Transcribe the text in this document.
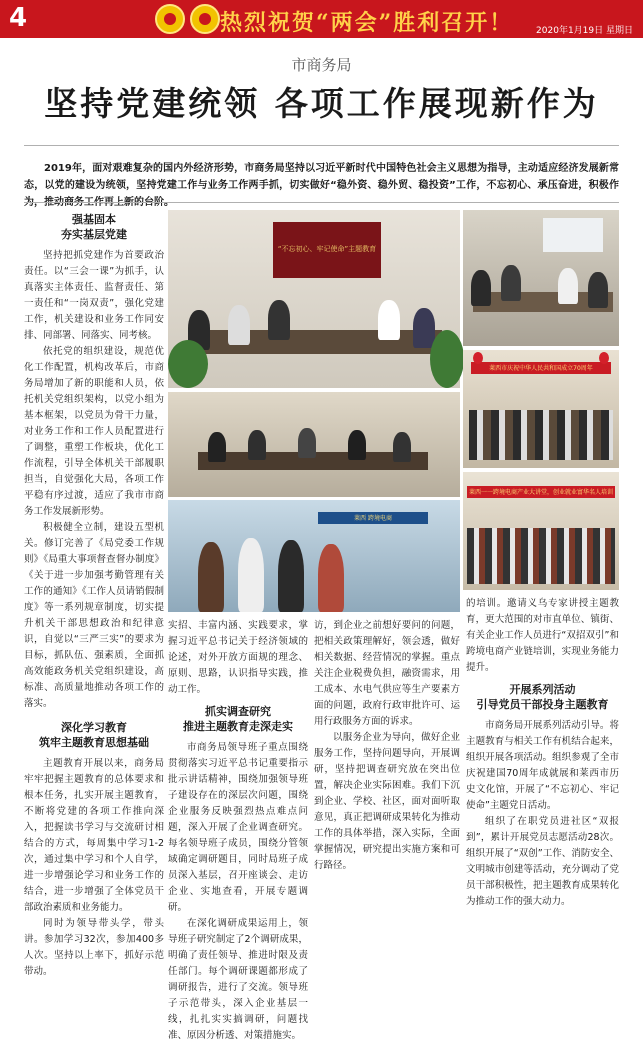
4	热烈祝贺“两会”胜利召开！	2020年1月19日 星期日
市商务局
坚持党建统领 各项工作展现新作为
2019年，面对艰难复杂的国内外经济形势，市商务局坚持以习近平新时代中国特色社会主义思想为指导，主动适应经济发展新常态，以党的建设为统领，坚持党建工作与业务工作两手抓，切实做好“稳外资、稳外贸、稳投资”工作，不忘初心、承压奋进，积极作
强基固本
夯实基层党建

坚持把抓党建作为首要政治责任。以“三会一课”为抓手，认真落实主体责任、监督责任、第一责任和“一岗双责”，强化党建工作，机关建设和业务工作同安排、同部署、同落实、同考核。

依托党的组织建设，规范优化工作配置，机构改革后，市商务局增加了新的职能和人员，依托机关党组织架构，以党小组为基本框架，以党员为骨干力量，对业务工作和工作人员配置进行了调整，重塑工作板块，优化工作流程，引导全体机关干部履职担当，自觉强化大局，各项工作平稳有序过渡，适应了我市市商务工作发展新形势。

积极健全立制，建设五型机关。修订完善了《局党委工作规则》《局重大事项督查督办制度》《关于进一步加强考勤管理有关工作的通知》《工作人员请销假制度》等一系列规章制度，切实提升机关干部思想政治和纪律意识，自觉以“三严三实”的要求为目标，抓队伍、强素质，全面抓高效能政务机关党组织建设，高标准、高质量地推动各项工作的落实。

深化学习教育
筑牢主题教育思想基础

主题教育开展以来，商务局牢牢把握主题教育的总体要求和根本任务，扎实开展主题教育，不断将党建的各项工作推向深入，把握读书学习与交流研讨相结合的方式，每周集中学习1-2次，通过集中学习和个人自学，进一步增强论学习和业务工作的结合，进一步增强了全体党员干部政治素质和业务能力。

同时为领导带头学，带头讲。参加学习32次，参加400多人次。坚持以上率下，抓好示范带动。

“不忘初心、牢记使命”主题教育
莱西 跨境电商
莱西市庆祝中华人民共和国成立70周年
莱西一一跨境电商产业大讲堂，创业就业富华名人培训

实招、丰富内涵、实践要求，掌握习近平总书记关于经济领域的论述，对外开放方面规的理念、原则、思路，认识指导实践，推动工作。

抓实调查研究
推进主题教育走深走实

市商务局领导班子重点围绕贯彻落实习近平总书记重要指示批示讲话精神，围绕加强领导班子建设存在的深层次问题，围绕企业服务反映强烈热点难点问题，深入开展了企业调查研究。每名领导班子成员，围绕分管领域确定调研题目，同时局班子成员深入基层，召开座谈会、走访企业、实地查看，开展专题调研。

在深化调研成果运用上，领导班子研究制定了2个调研成果，明确了责任领导、推进时限及责任部门。每个调研课题都形成了调研报告，进行了交流。领导班子示范带头，深入企业基层一线，扎扎实实搞调研，问题找准、原因分析透、对策措施实。

访，到企业之前想好要问的问题，把相关政策理解好，领会透，做好相关数据、经营情况的掌握。重点关注企业税费负担，融资需求，用工成本、水电气供应等生产要素方面的问题，政府行政审批许可、运用行政服务方面的诉求。

以服务企业为导向，做好企业服务工作，坚持问题导向，开展调研，坚持把调查研究放在突出位置，解决企业实际困难。我们下沉到企业、学校、社区，面对面听取意见，真正把调研成果转化为推动工作的具体举措，深入实际，全面掌握情况，研究提出实施方案和可行路径。

的培训。邀请义乌专家讲授主题教育，更大范围的对市直单位、镇街、有关企业工作人员进行“双招双引”和跨境电商产业链培训，实现业务能力提升。

开展系列活动
引导党员干部投身主题教育

市商务局开展系列活动引导。将主题教育与相关工作有机结合起来，组织开展各项活动。组织参观了全市庆祝建国70周年成就展和莱西市历史文化馆，开展了“不忘初心、牢记使命”主题党日活动。

组织了在职党员进社区“双报到”，累计开展党员志愿活动28次。组织开展了“双创”工作、消防安全、文明城市创建等活动，充分调动了党员干部积极性，把主题教育成果转化为推动工作的强大动力。
